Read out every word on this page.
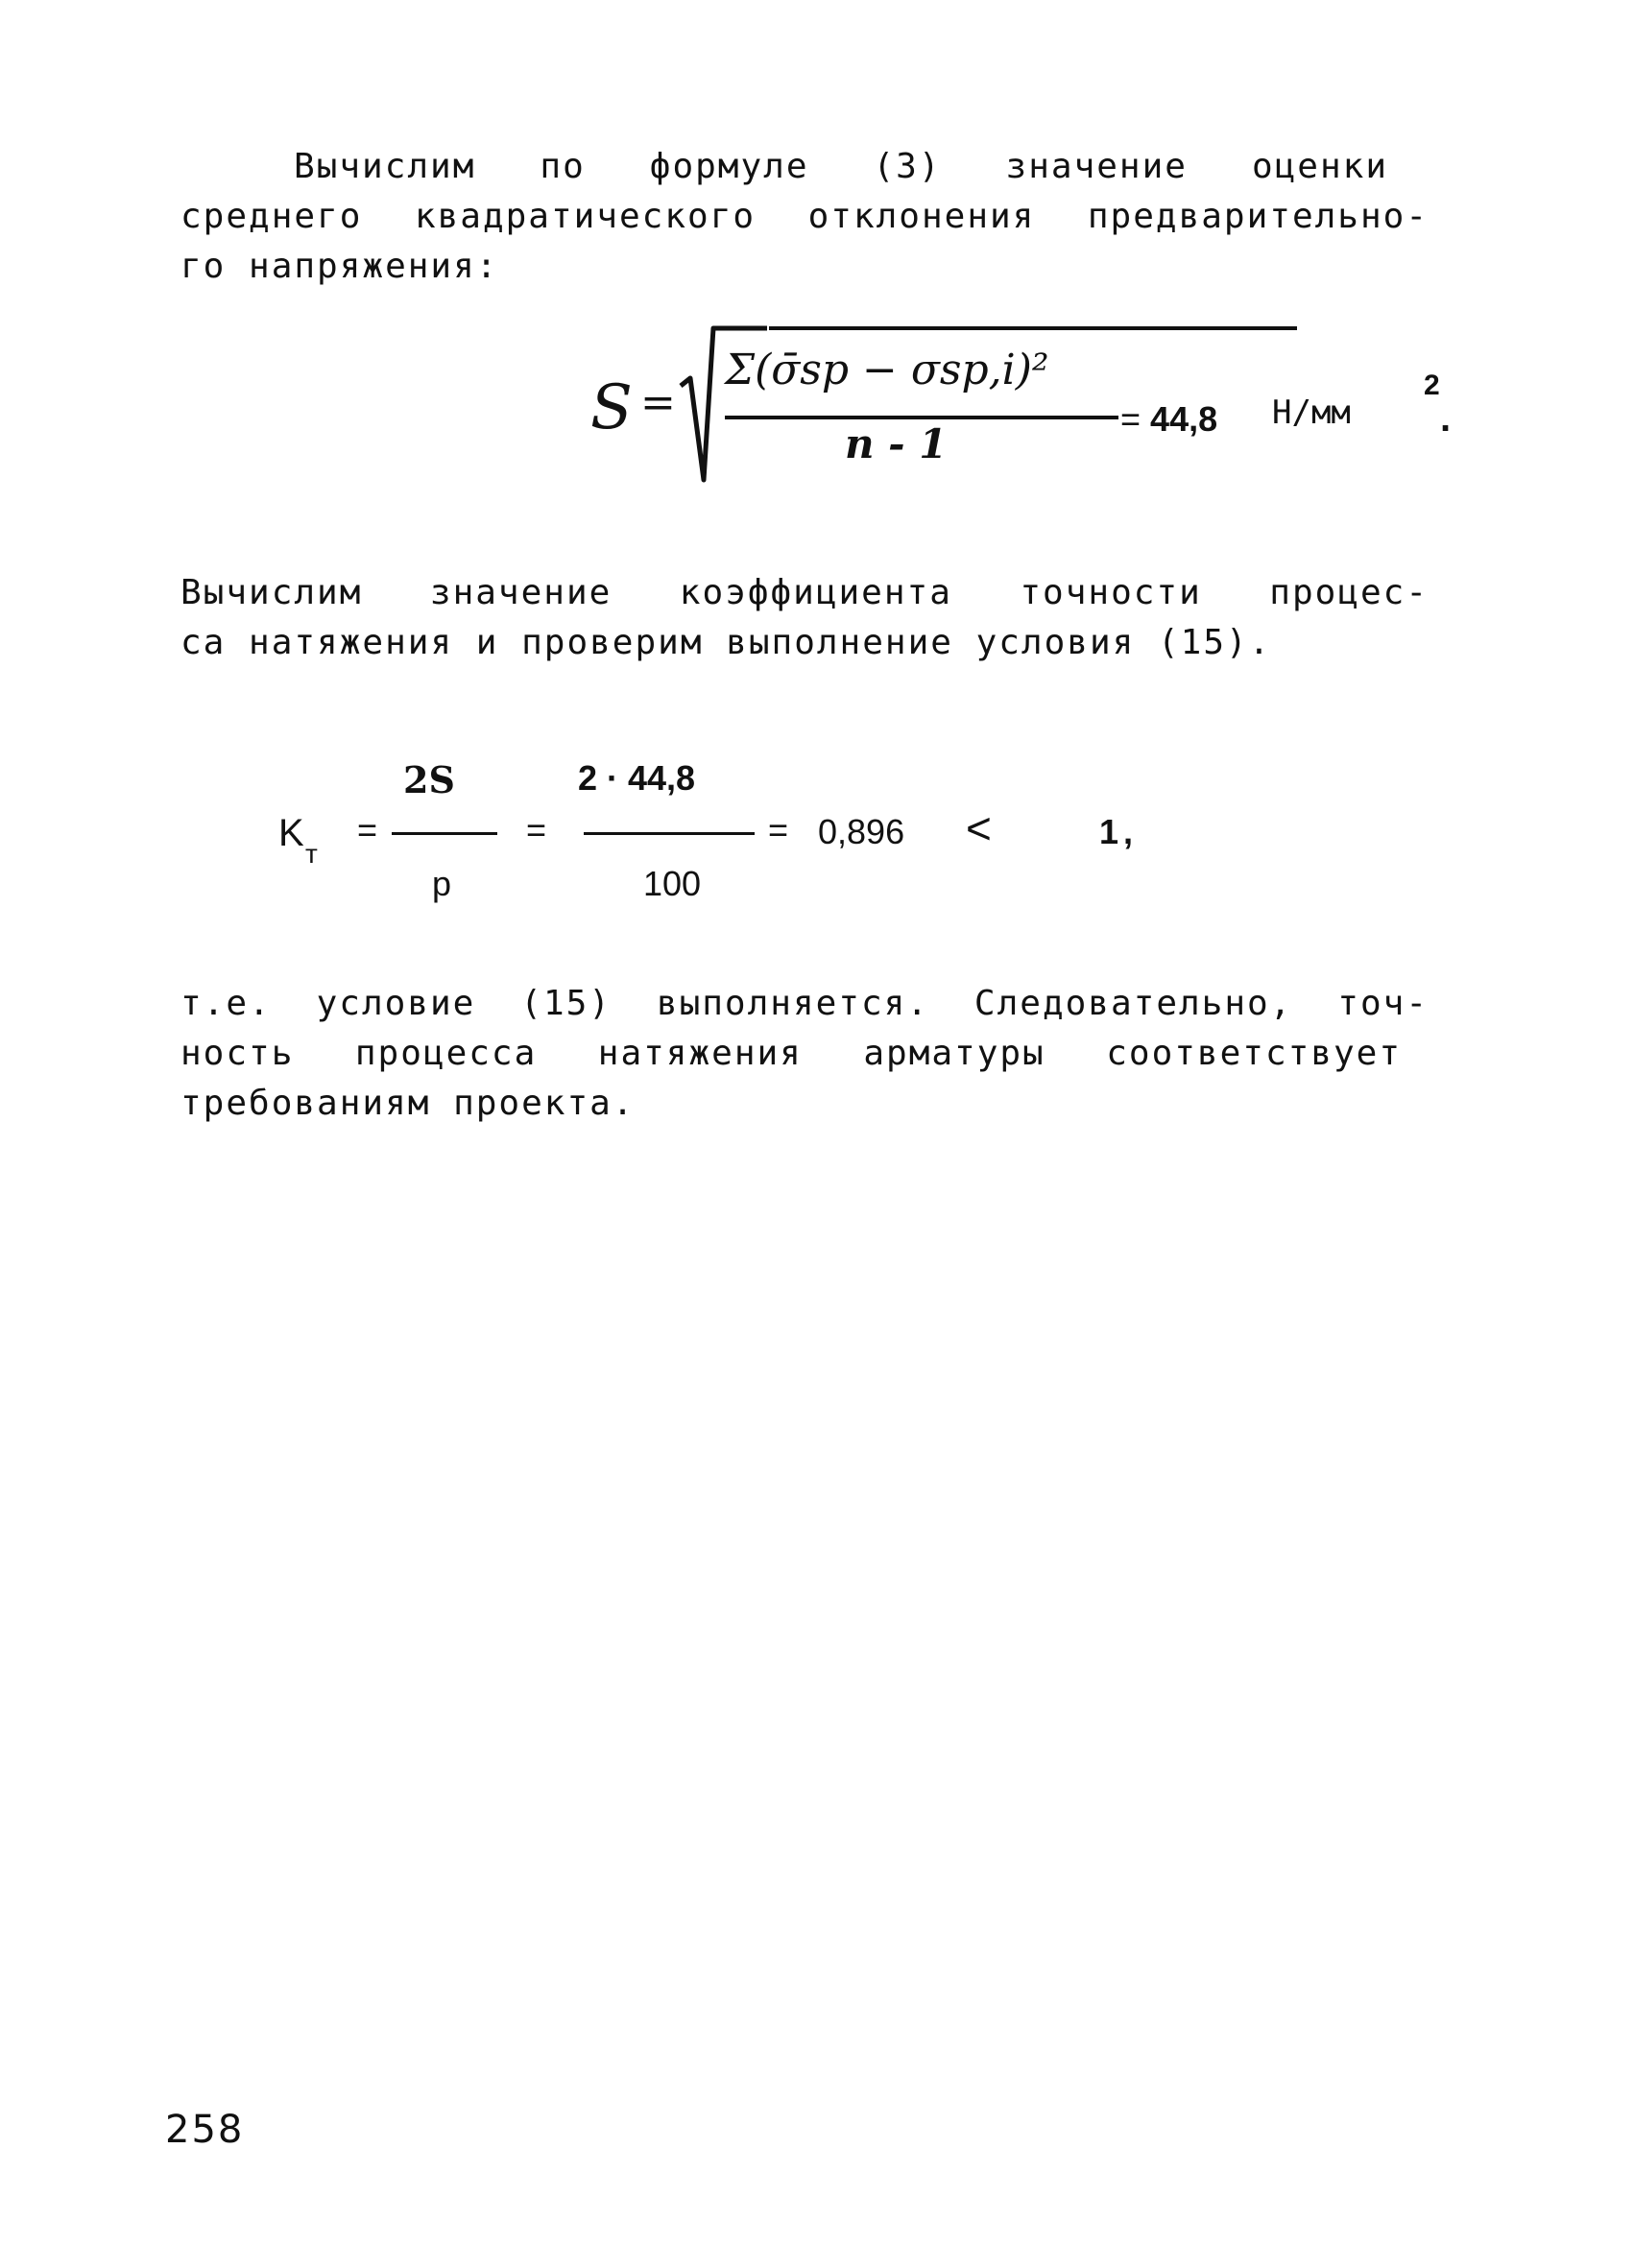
Вычислим по формуле (3) значение оценки
среднего квадратического отклонения предварительно-
го напряжения:
S =
Σ(σ̄sp − σsp,i)²
n - 1
= 44,8 Н/мм
2
.
Вычислим значение коэффициента точности процес-
са натяжения и проверим выполнение условия (15).
K т
=
2S
p
=
2 · 44,8
100
= 0,896 <	1 ,
т.е. условие (15) выполняется. Следовательно, точ-
ность процесса натяжения арматуры соответствует
требованиям проекта.
258
